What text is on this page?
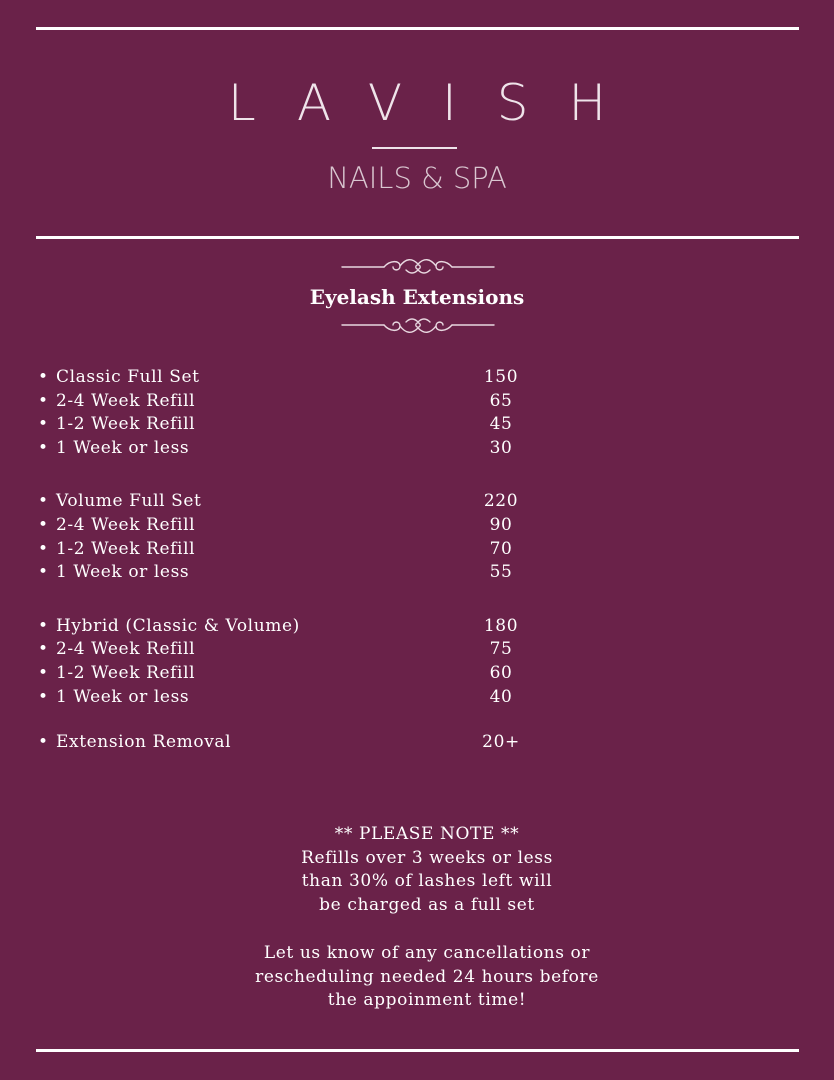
LAVISH
NAILS & SPA
Eyelash Extensions
• Classic Full Set	150
• 2-4 Week Refill	65
• 1-2 Week Refill	45
• 1 Week or less	30
• Volume Full Set	220
• 2-4 Week Refill	90
• 1-2 Week Refill	70
• 1 Week or less	55
• Hybrid (Classic & Volume)	180
• 2-4 Week Refill	75
• 1-2 Week Refill	60
• 1 Week or less	40
• Extension Removal	20+
** PLEASE NOTE **
Refills over 3 weeks or less
than 30% of lashes left will
be charged as a full set
Let us know of any cancellations or
rescheduling needed 24 hours before
the appoinment time!
